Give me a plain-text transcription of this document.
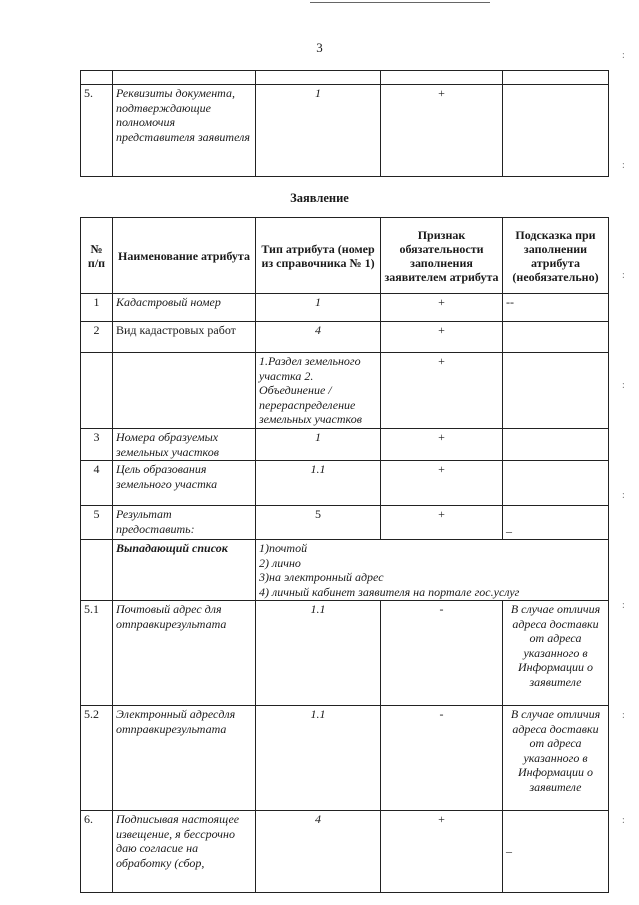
3

5.	Реквизиты документа, подтверждающие полномочия представителя заявителя	1	+	
Заявление
№ п/п	Наименование атрибута	Тип атрибута (номер из справочника № 1)	Признак обязательности заполнения заявителем атрибута	Подсказка при заполнении атрибута (необязательно)
1	Кадастровый номер	1	+	--
2	Вид кадастровых работ	4	+	
		1.Раздел земельного участка 2. Объединение /перераспределение земельных участков	+	
3	Номера образуемых земельных участков	1	+	
4	Цель образования земельного участка	1.1	+	
5	Результат предоставить:	5	+	–
	Выпадающий список	1)почтой
2) лично
3)на электронный адрес
4) личный кабинет заявителя на портале гос.услуг		

5.1	Почтовый адрес для отправкирезультата	1.1	-	В случае отличия адреса доставки от адреса указанного в Информации о заявителе
5.2	Электронный адресдля отправкирезультата	1.1	-	В случае отличия адреса доставки от адреса указанного в Информации о заявителе
6.	Подписывая настоящее извещение, я бессрочно даю согласие на обработку (сбор,	4	+	–
:
:
:
:
:
:
:
:
